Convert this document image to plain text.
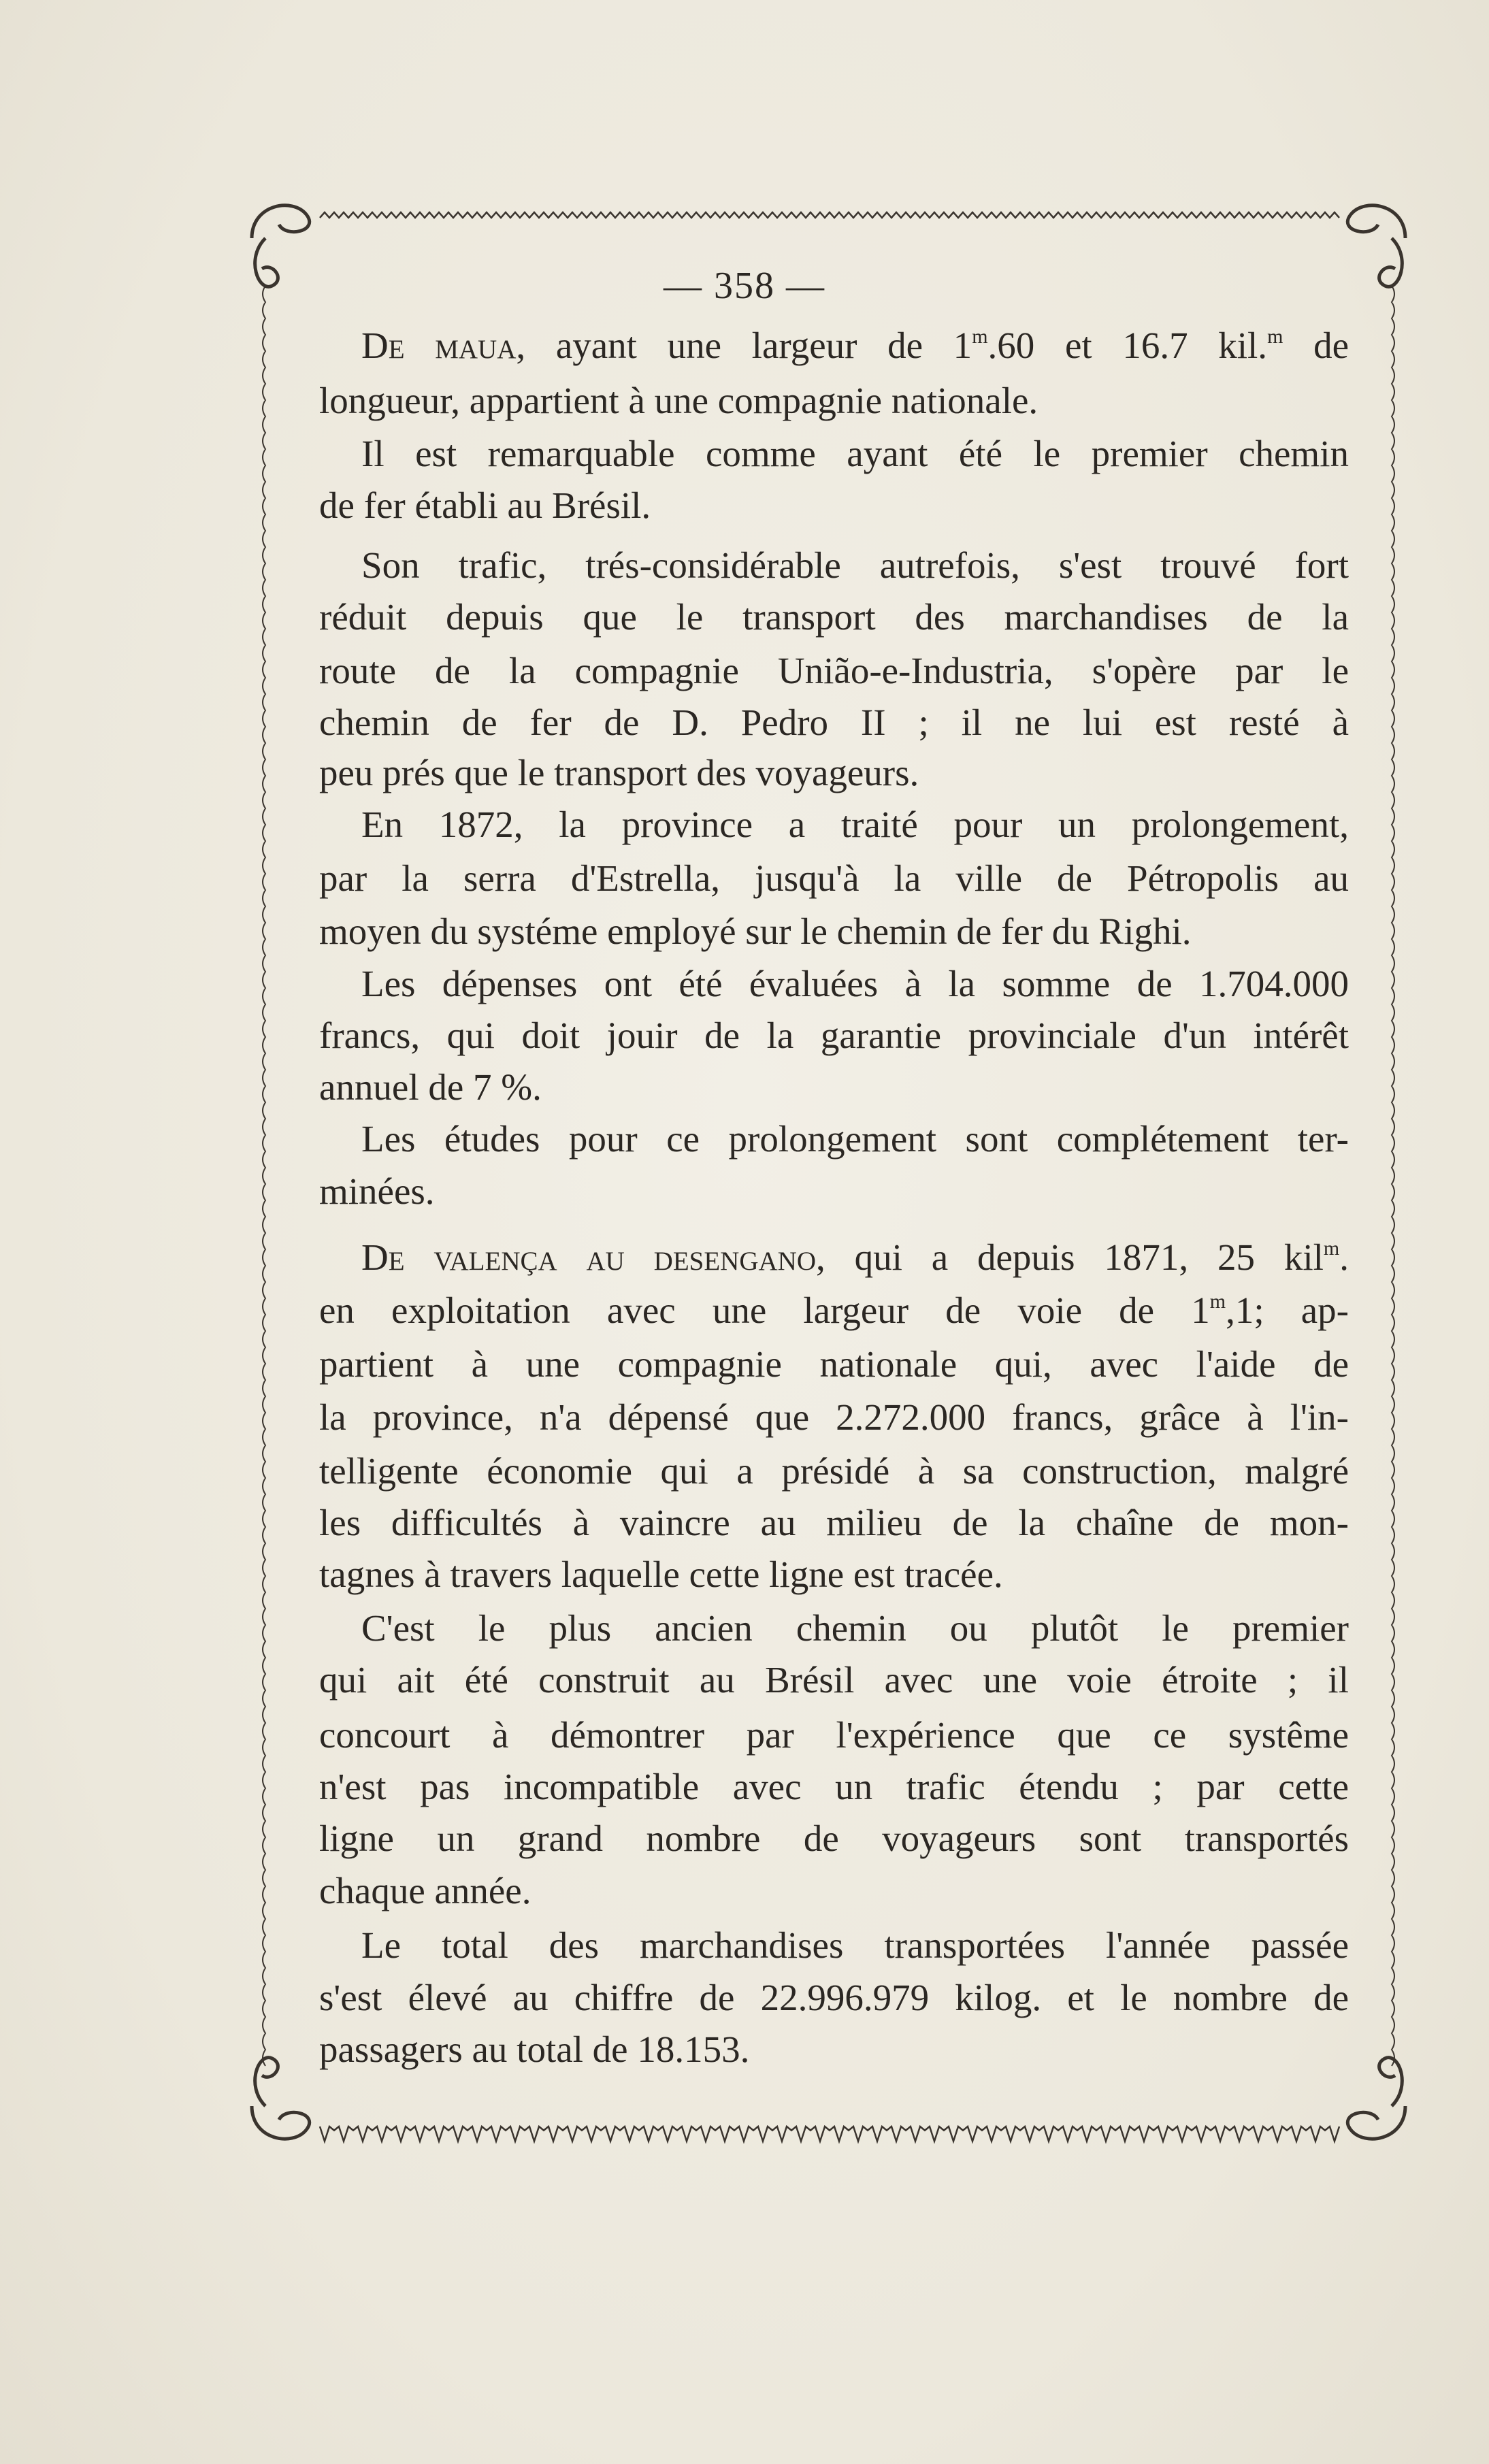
— 358 —
De maua, ayant une largeur de 1$^m$.60 et 16.7 kil.$^m$ de
longueur, appartient à une compagnie nationale.
Il est remarquable comme ayant été le premier chemin
de fer établi au Brésil.
Son trafic, trés-considérable autrefois, s'est trouvé fort
réduit depuis que le transport des marchandises de la
route de la compagnie União-e-Industria, s'opère par le
chemin de fer de D. Pedro II ; il ne lui est resté à
peu prés que le transport des voyageurs.
En 1872, la province a traité pour un prolongement,
par la serra d'Estrella, jusqu'à la ville de Pétropolis au
moyen du systéme employé sur le chemin de fer du Righi.
Les dépenses ont été évaluées à la somme de 1.704.000
francs, qui doit jouir de la garantie provinciale d'un intérêt
annuel de 7 %.
Les études pour ce prolongement sont complétement ter-
minées.
De valença au desengano, qui a depuis 1871, 25 kil$^m$.
en exploitation avec une largeur de voie de 1$^m$,1; ap-
partient à une compagnie nationale qui, avec l'aide de
la province, n'a dépensé que 2.272.000 francs, grâce à l'in-
telligente économie qui a présidé à sa construction, malgré
les difficultés à vaincre au milieu de la chaîne de mon-
tagnes à travers laquelle cette ligne est tracée.
C'est le plus ancien chemin ou plutôt le premier
qui ait été construit au Brésil avec une voie étroite ; il
concourt à démontrer par l'expérience que ce systême
n'est pas incompatible avec un trafic étendu ; par cette
ligne un grand nombre de voyageurs sont transportés
chaque année.
Le total des marchandises transportées l'année passée
s'est élevé au chiffre de 22.996.979 kilog. et le nombre de
passagers au total de 18.153.
